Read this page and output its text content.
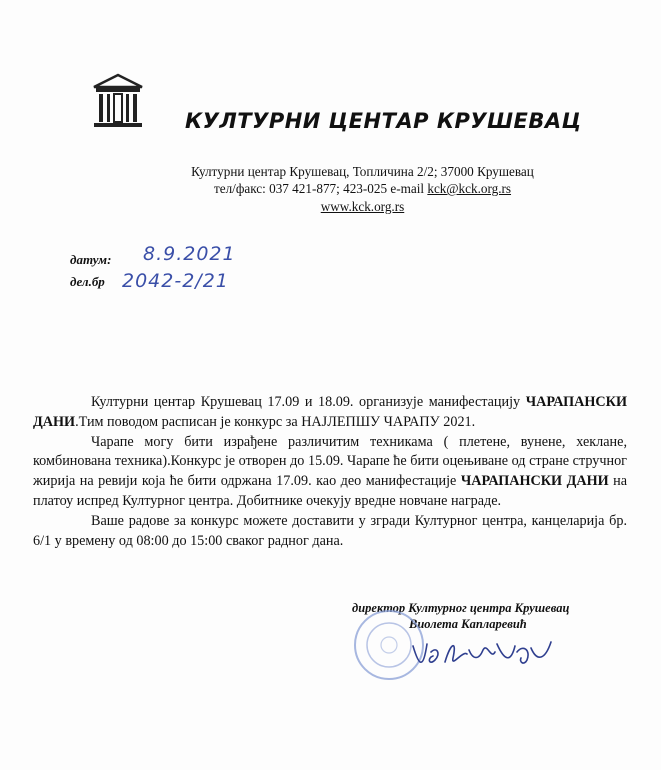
КУЛТУРНИ ЦЕНТАР КРУШЕВАЦ
Културни центар Крушевац, Топличина 2/2; 37000 Крушевац
тел/факс: 037 421-877; 423-025 e-mail kck@kck.org.rs
www.kck.org.rs
датум: 8.9.2021
дел.бр 2042-2/21

Културни центар Крушевац 17.09 и 18.09. организује манифестацију ЧАРАПАНСКИ ДАНИ.Тим поводом расписан је конкурс за НАЈЛЕПШУ ЧАРАПУ 2021.

Чарапе могу бити израђене различитим техникама ( плетене, вунене, хеклане, комбинована техника).Конкурс је отворен до 15.09. Чарапе ће бити оцењиване од стране стручног жирија на ревији која ће бити одржана 17.09. као део манифестације ЧАРАПАНСКИ ДАНИ на платоу испред Културног центра. Добитнике очекују вредне новчане награде.

Ваше радове за конкурс можете доставити у згради Културног центра, канцеларија бр. 6/1 у времену од 08:00 до 15:00 сваког радног дана.

директор Културног центра Крушевац
Виолета Капларевић
